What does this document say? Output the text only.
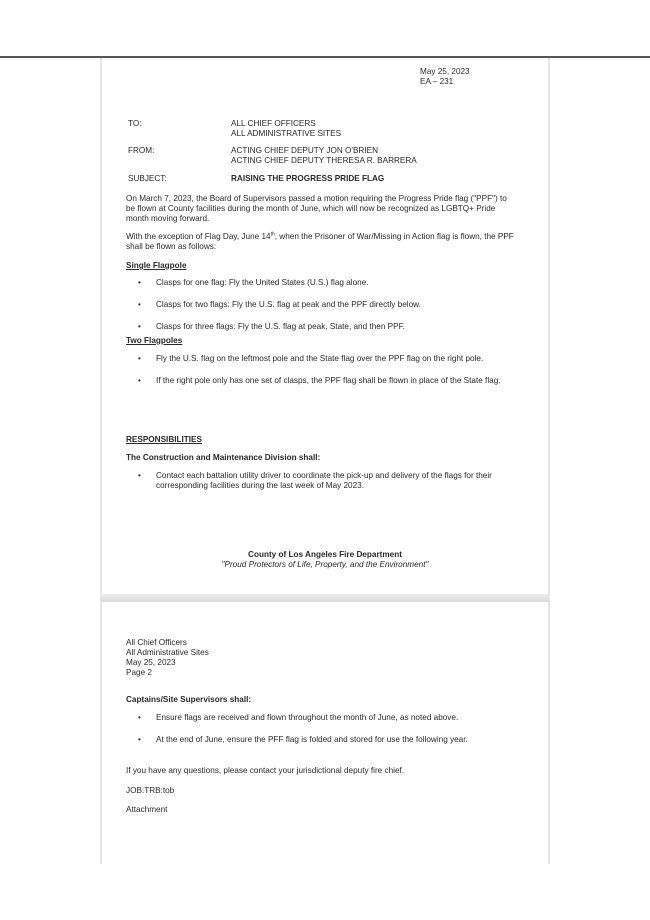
May 25, 2023
EA – 231
TO:	ALL CHIEF OFFICERS
ALL ADMINISTRATIVE SITES
FROM:	ACTING CHIEF DEPUTY JON O'BRIEN
ACTING CHIEF DEPUTY THERESA R. BARRERA
SUBJECT:	RAISING THE PROGRESS PRIDE FLAG
On March 7, 2023, the Board of Supervisors passed a motion requiring the Progress Pride flag ("PPF") to be flown at County facilities during the month of June, which will now be recognized as LGBTQ+ Pride month moving forward.
With the exception of Flag Day, June 14th, when the Prisoner of War/Missing in Action flag is flown, the PPF shall be flown as follows:
Single Flagpole
• Clasps for one flag: Fly the United States (U.S.) flag alone.
• Clasps for two flags: Fly the U.S. flag at peak and the PPF directly below.
• Clasps for three flags: Fly the U.S. flag at peak, State, and then PPF.
Two Flagpoles
• Fly the U.S. flag on the leftmost pole and the State flag over the PPF flag on the right pole.
• If the right pole only has one set of clasps, the PPF flag shall be flown in place of the State flag.
RESPONSIBILITIES
The Construction and Maintenance Division shall:
• Contact each battalion utility driver to coordinate the pick-up and delivery of the flags for their corresponding facilities during the last week of May 2023.
County of Los Angeles Fire Department
"Proud Protectors of Life, Property, and the Environment"
All Chief Officers
All Administrative Sites
May 25, 2023
Page 2
Captains/Site Supervisors shall:
• Ensure flags are received and flown throughout the month of June, as noted above.
• At the end of June, ensure the PFF flag is folded and stored for use the following year.
If you have any questions, please contact your jurisdictional deputy fire chief.
JOB:TRB:tob
Attachment
